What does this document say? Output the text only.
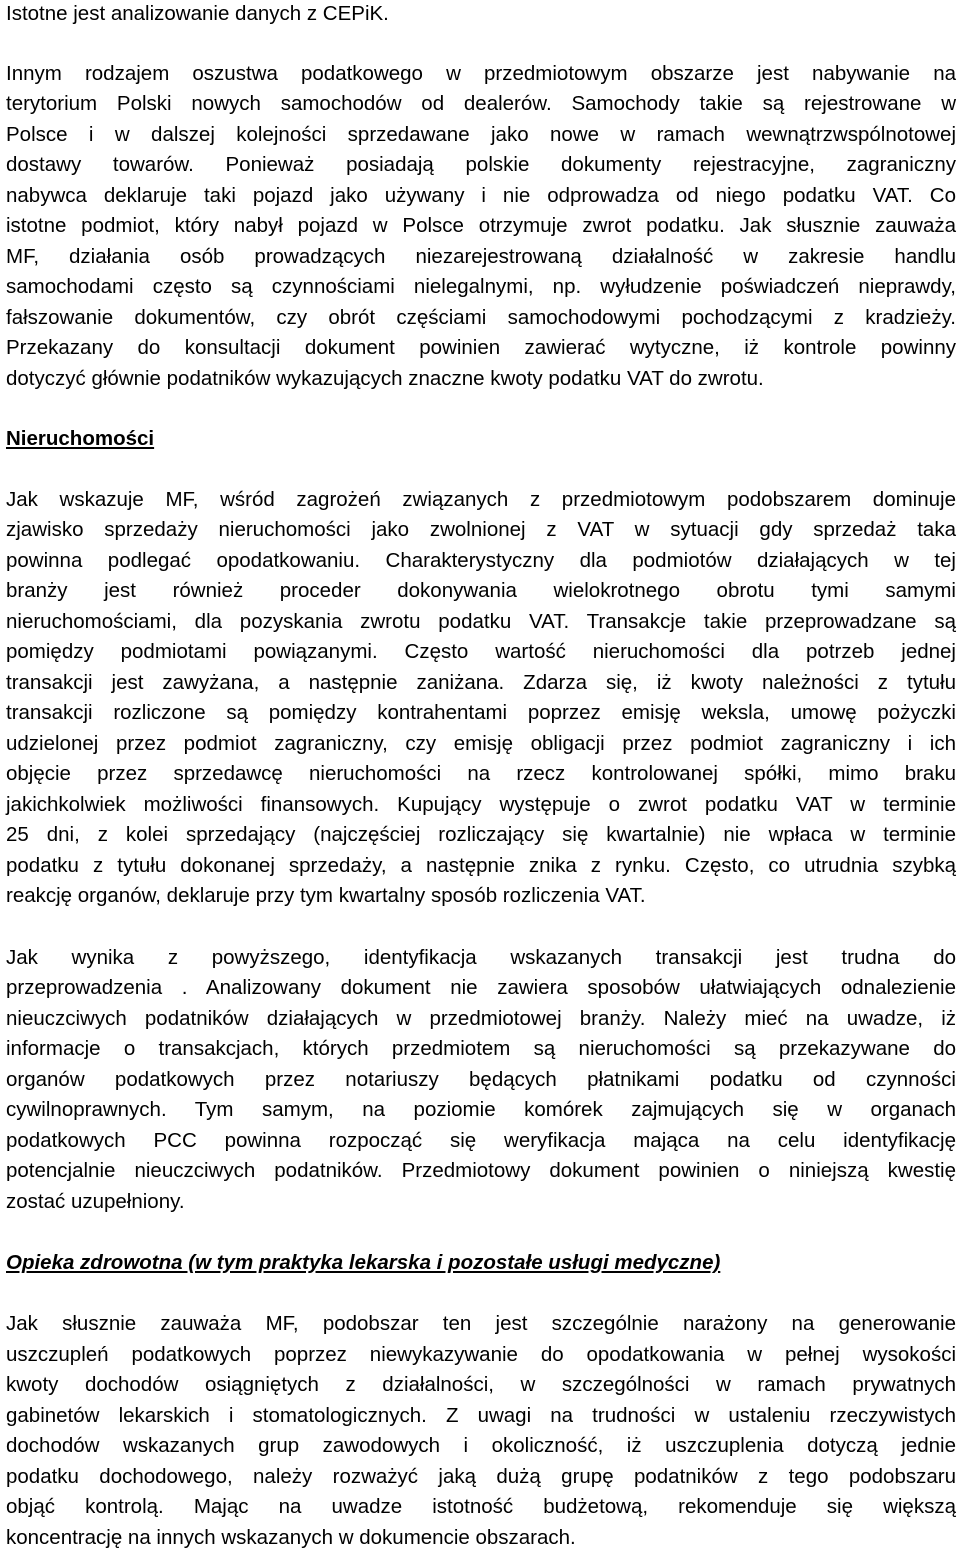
Istotne jest analizowanie danych z CEPiK.
Innym rodzajem oszustwa podatkowego w przedmiotowym obszarze jest nabywanie na
terytorium Polski nowych samochodów od dealerów. Samochody takie są rejestrowane w
Polsce i w dalszej kolejności sprzedawane jako nowe w ramach wewnątrzwspólnotowej
dostawy towarów. Ponieważ posiadają polskie dokumenty rejestracyjne, zagraniczny
nabywca deklaruje taki pojazd jako używany i nie odprowadza od niego podatku VAT. Co
istotne podmiot, który nabył pojazd w Polsce otrzymuje zwrot podatku. Jak słusznie zauważa
MF, działania osób prowadzących niezarejestrowaną działalność w zakresie handlu
samochodami często są czynnościami nielegalnymi, np. wyłudzenie poświadczeń nieprawdy,
fałszowanie dokumentów, czy obrót częściami samochodowymi pochodzącymi z kradzieży.
Przekazany do konsultacji dokument powinien zawierać wytyczne, iż kontrole powinny
dotyczyć głównie podatników wykazujących znaczne kwoty podatku VAT do zwrotu.
Nieruchomości
Jak wskazuje MF, wśród zagrożeń związanych z przedmiotowym podobszarem dominuje
zjawisko sprzedaży nieruchomości jako zwolnionej z VAT w sytuacji gdy sprzedaż taka
powinna podlegać opodatkowaniu. Charakterystyczny dla podmiotów działających w tej
branży jest również proceder dokonywania wielokrotnego obrotu tymi samymi
nieruchomościami, dla pozyskania zwrotu podatku VAT. Transakcje takie przeprowadzane są
pomiędzy podmiotami powiązanymi. Często wartość nieruchomości dla potrzeb jednej
transakcji jest zawyżana, a następnie zaniżana. Zdarza się, iż kwoty należności z tytułu
transakcji rozliczone są pomiędzy kontrahentami poprzez emisję weksla, umowę pożyczki
udzielonej przez podmiot zagraniczny, czy emisję obligacji przez podmiot zagraniczny i ich
objęcie przez sprzedawcę nieruchomości na rzecz kontrolowanej spółki, mimo braku
jakichkolwiek możliwości finansowych. Kupujący występuje o zwrot podatku VAT w terminie
25 dni, z kolei sprzedający (najczęściej rozliczający się kwartalnie) nie wpłaca w terminie
podatku z tytułu dokonanej sprzedaży, a następnie znika z rynku. Często, co utrudnia szybką
reakcję organów, deklaruje przy tym kwartalny sposób rozliczenia VAT.
Jak wynika z powyższego, identyfikacja wskazanych transakcji jest trudna do
przeprowadzenia . Analizowany dokument nie zawiera sposobów ułatwiających odnalezienie
nieuczciwych podatników działających w przedmiotowej branży. Należy mieć na uwadze, iż
informacje o transakcjach, których przedmiotem są nieruchomości są przekazywane do
organów podatkowych przez notariuszy będących płatnikami podatku od czynności
cywilnoprawnych. Tym samym, na poziomie komórek zajmujących się w organach
podatkowych PCC powinna rozpocząć się weryfikacja mająca na celu identyfikację
potencjalnie nieuczciwych podatników. Przedmiotowy dokument powinien o niniejszą kwestię
zostać uzupełniony.
Opieka zdrowotna (w tym praktyka lekarska i pozostałe usługi medyczne)
Jak słusznie zauważa MF, podobszar ten jest szczególnie narażony na generowanie
uszczupleń podatkowych poprzez niewykazywanie do opodatkowania w pełnej wysokości
kwoty dochodów osiągniętych z działalności, w szczególności w ramach prywatnych
gabinetów lekarskich i stomatologicznych. Z uwagi na trudności w ustaleniu rzeczywistych
dochodów wskazanych grup zawodowych i okoliczność, iż uszczuplenia dotyczą jednie
podatku dochodowego, należy rozważyć jaką dużą grupę podatników z tego podobszaru
objąć kontrolą. Mając na uwadze istotność budżetową, rekomenduje się większą
koncentrację na innych wskazanych w dokumencie obszarach.
